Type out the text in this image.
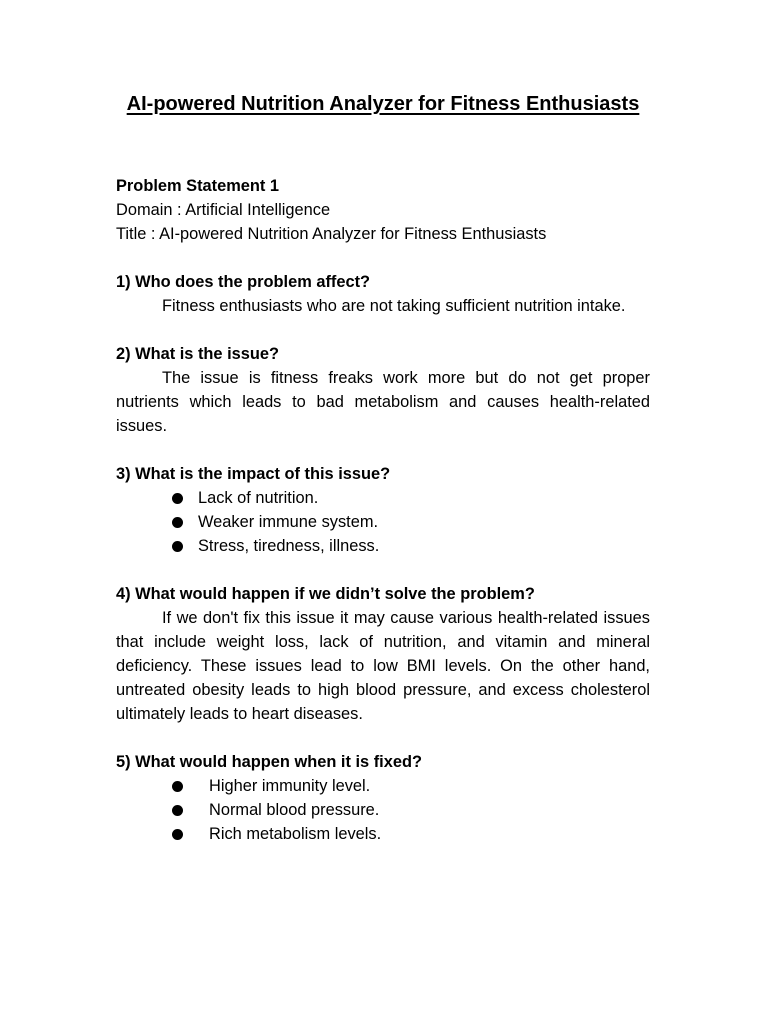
AI-powered Nutrition Analyzer for Fitness Enthusiasts

Problem Statement 1

Domain : Artificial Intelligence

Title : AI-powered Nutrition Analyzer for Fitness Enthusiasts

1) Who does the problem affect?

Fitness enthusiasts who are not taking sufficient nutrition intake.

2) What is the issue?

The issue is fitness freaks work more but do not get proper nutrients which leads to bad metabolism and causes health-related issues.

3) What is the impact of this issue?

Lack of nutrition.
Weaker immune system.
Stress, tiredness, illness.

4) What would happen if we didn’t solve the problem?

If we don't fix this issue it may cause various health-related issues that include weight loss, lack of nutrition, and vitamin and mineral deficiency. These issues lead to low BMI levels. On the other hand, untreated obesity leads to high blood pressure, and excess cholesterol ultimately leads to heart diseases.

5) What would happen when it is fixed?

Higher immunity level.
Normal blood pressure.
Rich metabolism levels.
